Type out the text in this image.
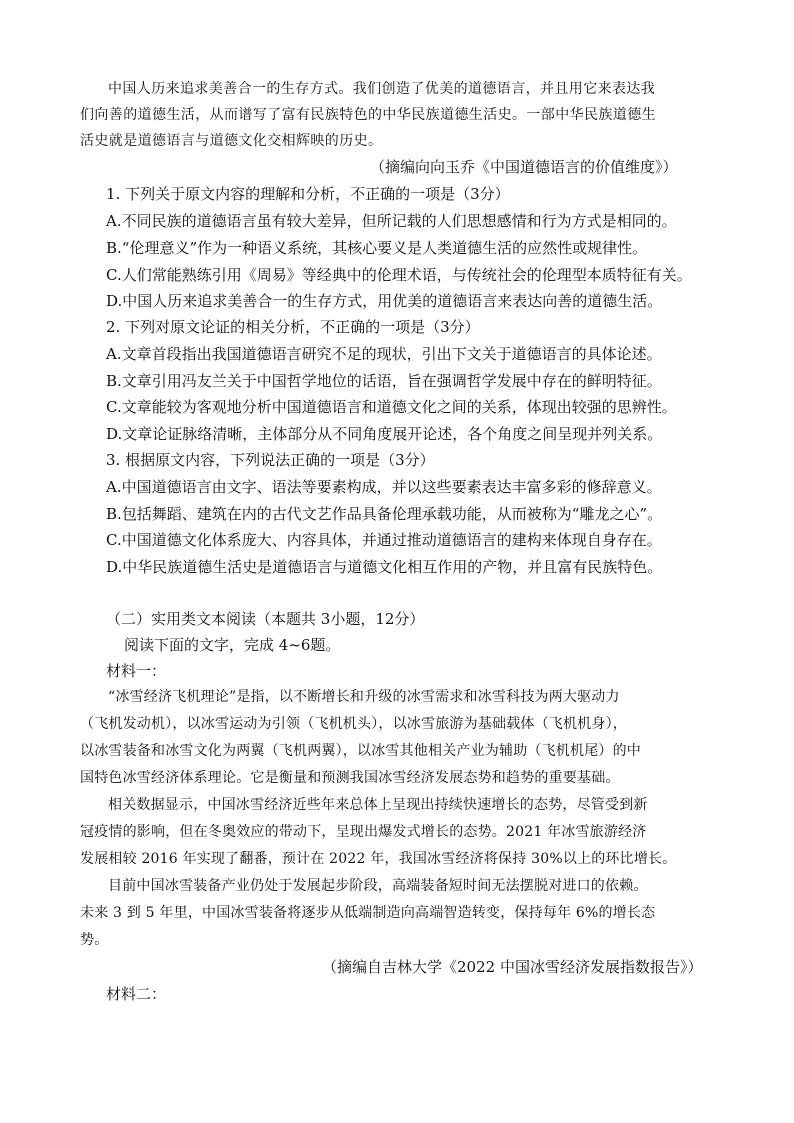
中国人历来追求美善合一的生存方式。我们创造了优美的道德语言，并且用它来表达我
们向善的道德生活，从而谱写了富有民族特色的中华民族道德生活史。一部中华民族道德生
活史就是道德语言与道德文化交相辉映的历史。
（摘编向向玉乔《中国道德语言的价值维度》）
1. 下列关于原文内容的理解和分析，不正确的一项是（3分）
A.不同民族的道德语言虽有较大差异，但所记载的人们思想感情和行为方式是相同的。
B.“伦理意义”作为一种语义系统，其核心要义是人类道德生活的应然性或规律性。
C.人们常能熟练引用《周易》等经典中的伦理术语，与传统社会的伦理型本质特征有关。
D.中国人历来追求美善合一的生存方式，用优美的道德语言来表达向善的道德生活。
2. 下列对原文论证的相关分析，不正确的一项是（3分）
A.文章首段指出我国道德语言研究不足的现状，引出下文关于道德语言的具体论述。
B.文章引用冯友兰关于中国哲学地位的话语，旨在强调哲学发展中存在的鲜明特征。
C.文章能较为客观地分析中国道德语言和道德文化之间的关系，体现出较强的思辨性。
D.文章论证脉络清晰，主体部分从不同角度展开论述，各个角度之间呈现并列关系。
3. 根据原文内容，下列说法正确的一项是（3分）
A.中国道德语言由文字、语法等要素构成，并以这些要素表达丰富多彩的修辞意义。
B.包括舞蹈、建筑在内的古代文艺作品具备伦理承载功能，从而被称为“雕龙之心”。
C.中国道德文化体系庞大、内容具体，并通过推动道德语言的建构来体现自身存在。
D.中华民族道德生活史是道德语言与道德文化相互作用的产物，并且富有民族特色。
（二）实用类文本阅读（本题共 3小题，12分）
阅读下面的文字，完成 4~6题。
材料一：
“冰雪经济飞机理论”是指，以不断增长和升级的冰雪需求和冰雪科技为两大驱动力
（飞机发动机），以冰雪运动为引领（飞机机头），以冰雪旅游为基础载体（飞机机身），
以冰雪装备和冰雪文化为两翼（飞机两翼），以冰雪其他相关产业为辅助（飞机机尾）的中
国特色冰雪经济体系理论。它是衡量和预测我国冰雪经济发展态势和趋势的重要基础。
相关数据显示，中国冰雪经济近些年来总体上呈现出持续快速增长的态势，尽管受到新
冠疫情的影响，但在冬奥效应的带动下，呈现出爆发式增长的态势。2021 年冰雪旅游经济
发展相较 2016 年实现了翻番，预计在 2022 年，我国冰雪经济将保持 30%以上的环比增长。
目前中国冰雪装备产业仍处于发展起步阶段，高端装备短时间无法摆脱对进口的依赖。
未来 3 到 5 年里，中国冰雪装备将逐步从低端制造向高端智造转变，保持每年 6%的增长态
势。
（摘编自吉林大学《2022 中国冰雪经济发展指数报告》）
材料二：
